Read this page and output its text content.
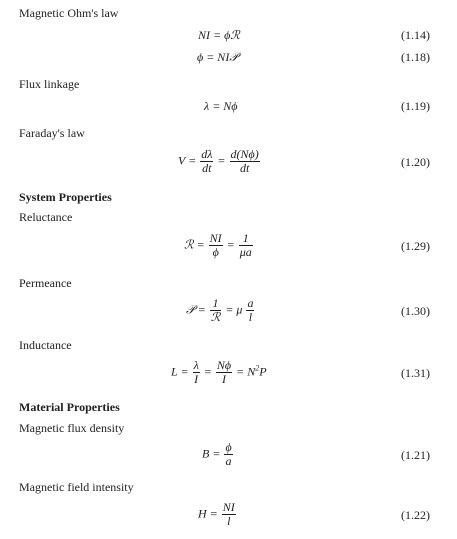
Magnetic Ohm's law
NI = ϕℛ	(1.14)
ϕ = NI𝒫	(1.18)
Flux linkage
λ = Nϕ	(1.19)
Faraday's law
$V = \frac{d\lambda}{dt} = \frac{d(N\phi)}{dt}$	(1.20)
System Properties
Reluctance
ℛ = $\frac{NI}{\phi} = \frac{1}{\mu a}$	(1.29)
Permeance
𝒫 = $\frac{1}{\text{ℛ}} = \mu \frac{a}{l}$	(1.30)
Inductance
$L = \frac{\lambda}{I} = \frac{N\phi}{I} = N^2P$	(1.31)
Material Properties
Magnetic flux density
$B = \frac{\phi}{a}$	(1.21)
Magnetic field intensity
$H = \frac{NI}{l}$	(1.22)
